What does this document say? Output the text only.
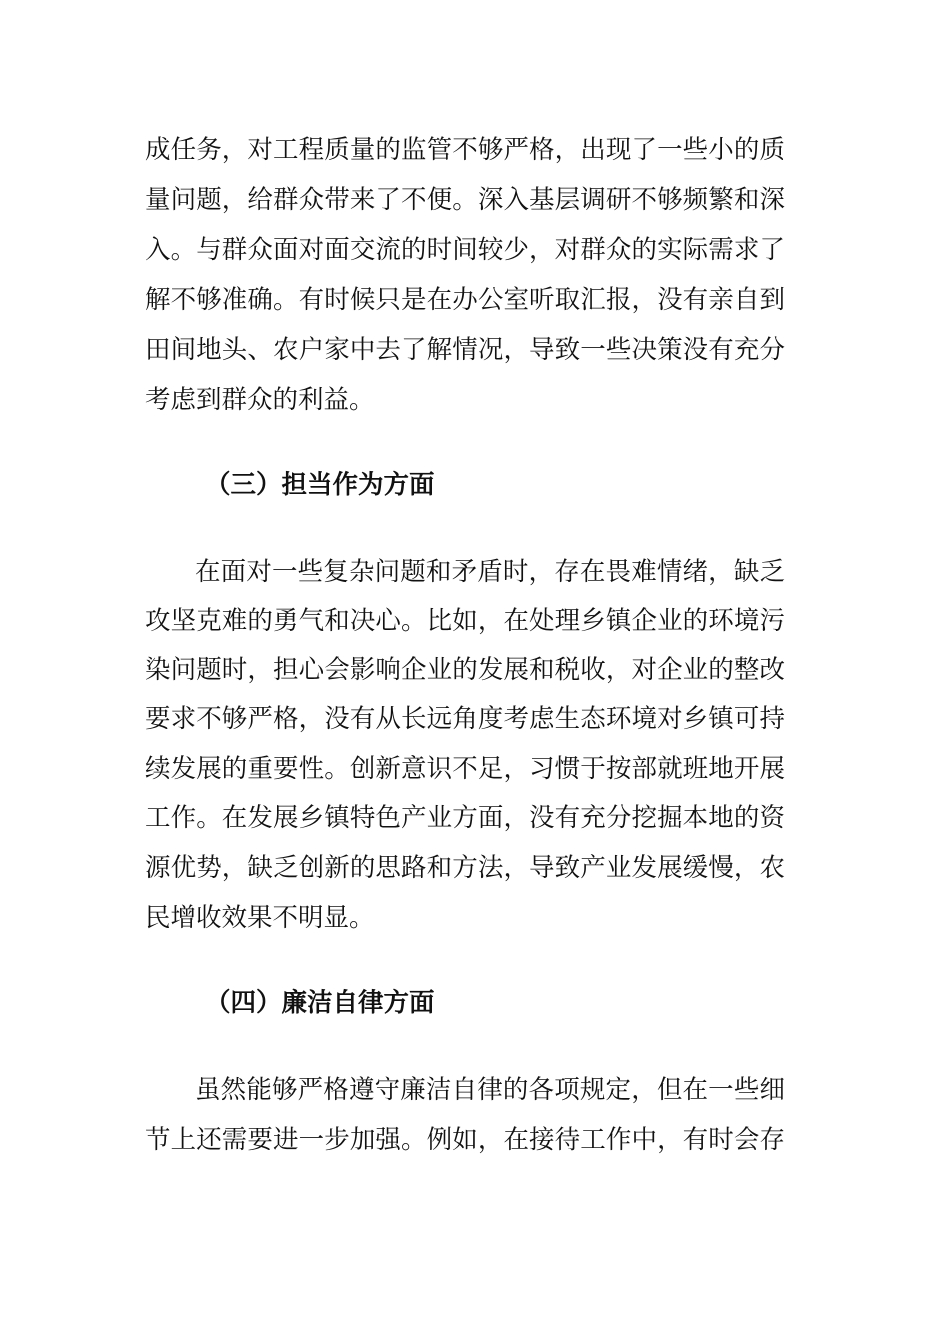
成任务，对工程质量的监管不够严格，出现了一些小的质
量问题，给群众带来了不便。深入基层调研不够频繁和深
入。与群众面对面交流的时间较少，对群众的实际需求了
解不够准确。有时候只是在办公室听取汇报，没有亲自到
田间地头、农户家中去了解情况，导致一些决策没有充分
考虑到群众的利益。
（三）担当作为方面
在面对一些复杂问题和矛盾时，存在畏难情绪，缺乏
攻坚克难的勇气和决心。比如，在处理乡镇企业的环境污
染问题时，担心会影响企业的发展和税收，对企业的整改
要求不够严格，没有从长远角度考虑生态环境对乡镇可持
续发展的重要性。创新意识不足，习惯于按部就班地开展
工作。在发展乡镇特色产业方面，没有充分挖掘本地的资
源优势，缺乏创新的思路和方法，导致产业发展缓慢，农
民增收效果不明显。
（四）廉洁自律方面
虽然能够严格遵守廉洁自律的各项规定，但在一些细
节上还需要进一步加强。例如，在接待工作中，有时会存
